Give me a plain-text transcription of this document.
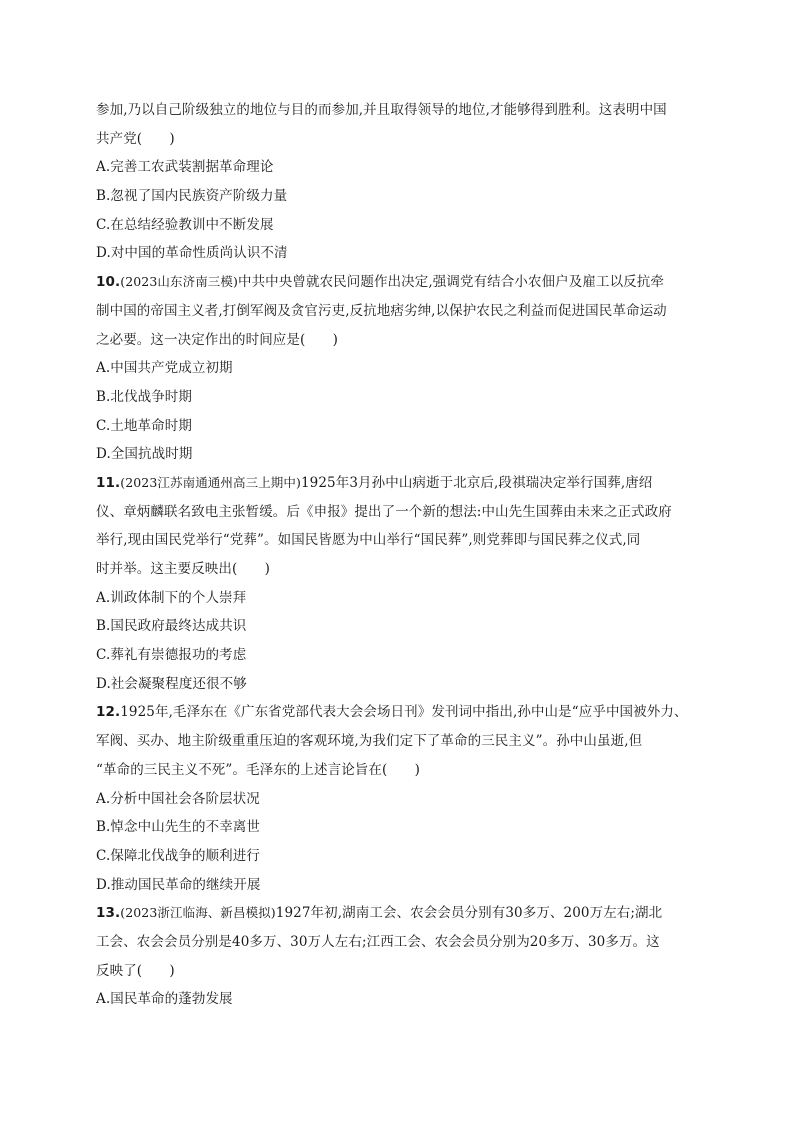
参加,乃以自己阶级独立的地位与目的而参加,并且取得领导的地位,才能够得到胜利。这表明中国
共产党(　　)
A.完善工农武装割据革命理论
B.忽视了国内民族资产阶级力量
C.在总结经验教训中不断发展
D.对中国的革命性质尚认识不清
10.(2023山东济南三模)中共中央曾就农民问题作出决定,强调党有结合小农佃户及雇工以反抗牵
制中国的帝国主义者,打倒军阀及贪官污吏,反抗地痞劣绅,以保护农民之利益而促进国民革命运动
之必要。这一决定作出的时间应是(　　)
A.中国共产党成立初期
B.北伐战争时期
C.土地革命时期
D.全国抗战时期
11.(2023江苏南通通州高三上期中)1925年3月孙中山病逝于北京后,段祺瑞决定举行国葬,唐绍
仪、章炳麟联名致电主张暂缓。后《申报》提出了一个新的想法:中山先生国葬由未来之正式政府
举行,现由国民党举行“党葬”。如国民皆愿为中山举行“国民葬”,则党葬即与国民葬之仪式,同
时并举。这主要反映出(　　)
A.训政体制下的个人崇拜
B.国民政府最终达成共识
C.葬礼有崇德报功的考虑
D.社会凝聚程度还很不够
12.1925年,毛泽东在《广东省党部代表大会会场日刊》发刊词中指出,孙中山是“应乎中国被外力、
军阀、买办、地主阶级重重压迫的客观环境,为我们定下了革命的三民主义”。孙中山虽逝,但
“革命的三民主义不死”。毛泽东的上述言论旨在(　　)
A.分析中国社会各阶层状况
B.悼念中山先生的不幸离世
C.保障北伐战争的顺利进行
D.推动国民革命的继续开展
13.(2023浙江临海、新昌模拟)1927年初,湖南工会、农会会员分别有30多万、200万左右;湖北
工会、农会会员分别是40多万、30万人左右;江西工会、农会会员分别为20多万、30多万。这
反映了(　　)
A.国民革命的蓬勃发展
